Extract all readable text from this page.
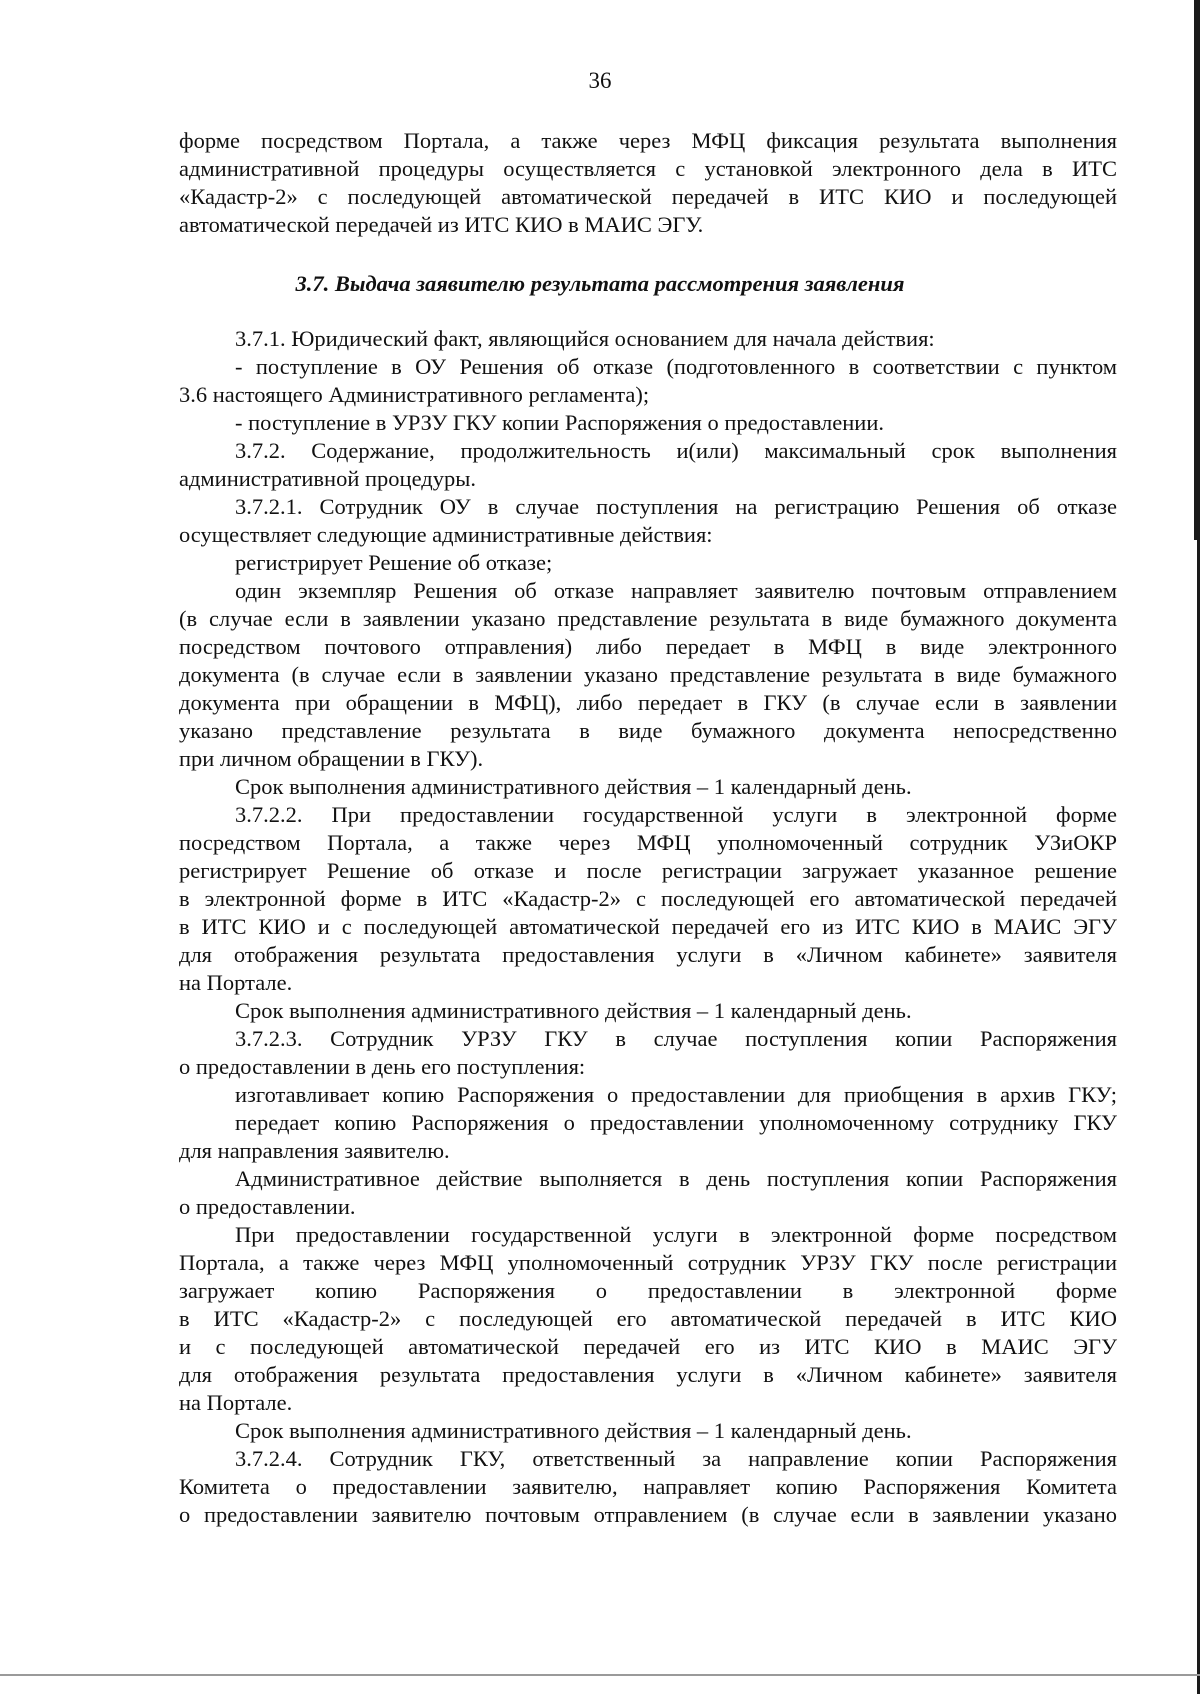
36
форме посредством Портала, а также через МФЦ фиксация результата выполнения
административной процедуры осуществляется с установкой электронного дела в ИТС
«Кадастр-2» с последующей автоматической передачей в ИТС КИО и последующей
автоматической передачей из ИТС КИО в МАИС ЭГУ.
3.7. Выдача заявителю результата рассмотрения заявления
3.7.1. Юридический факт, являющийся основанием для начала действия:
- поступление в ОУ Решения об отказе (подготовленного в соответствии с пунктом
3.6 настоящего Административного регламента);
- поступление в УРЗУ ГКУ копии Распоряжения о предоставлении.
3.7.2. Содержание, продолжительность и(или) максимальный срок выполнения
административной процедуры.
3.7.2.1. Сотрудник ОУ в случае поступления на регистрацию Решения об отказе
осуществляет следующие административные действия:
регистрирует Решение об отказе;
один экземпляр Решения об отказе направляет заявителю почтовым отправлением
(в случае если в заявлении указано представление результата в виде бумажного документа
посредством почтового отправления) либо передает в МФЦ в виде электронного
документа (в случае если в заявлении указано представление результата в виде бумажного
документа при обращении в МФЦ), либо передает в ГКУ (в случае если в заявлении
указано представление результата в виде бумажного документа непосредственно
при личном обращении в ГКУ).
Срок выполнения административного действия – 1 календарный день.
3.7.2.2. При предоставлении государственной услуги в электронной форме
посредством Портала, а также через МФЦ уполномоченный сотрудник УЗиОКР
регистрирует Решение об отказе и после регистрации загружает указанное решение
в электронной форме в ИТС «Кадастр-2» с последующей его автоматической передачей
в ИТС КИО и с последующей автоматической передачей его из ИТС КИО в МАИС ЭГУ
для отображения результата предоставления услуги в «Личном кабинете» заявителя
на Портале.
Срок выполнения административного действия – 1 календарный день.
3.7.2.3. Сотрудник УРЗУ ГКУ в случае поступления копии Распоряжения
о предоставлении в день его поступления:
изготавливает копию Распоряжения о предоставлении для приобщения в архив ГКУ;
передает копию Распоряжения о предоставлении уполномоченному сотруднику ГКУ
для направления заявителю.
Административное действие выполняется в день поступления копии Распоряжения
о предоставлении.
При предоставлении государственной услуги в электронной форме посредством
Портала, а также через МФЦ уполномоченный сотрудник УРЗУ ГКУ после регистрации
загружает копию Распоряжения о предоставлении в электронной форме
в ИТС «Кадастр-2» с последующей его автоматической передачей в ИТС КИО
и с последующей автоматической передачей его из ИТС КИО в МАИС ЭГУ
для отображения результата предоставления услуги в «Личном кабинете» заявителя
на Портале.
Срок выполнения административного действия – 1 календарный день.
3.7.2.4. Сотрудник ГКУ, ответственный за направление копии Распоряжения
Комитета о предоставлении заявителю, направляет копию Распоряжения Комитета
о предоставлении заявителю почтовым отправлением (в случае если в заявлении указано
